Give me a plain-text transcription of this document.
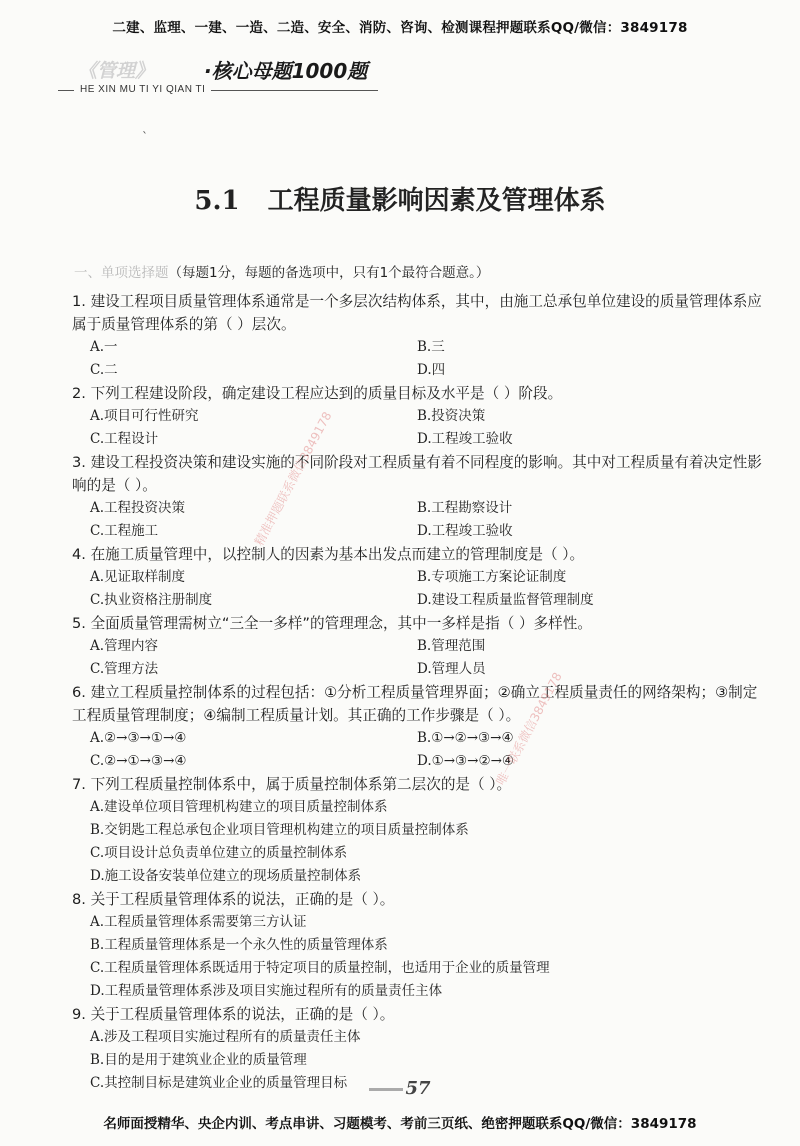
二建、监理、一建、一造、二造、安全、消防、咨询、检测课程押题联系QQ/微信：3849178
《管理》 ·核心母题1000题
HE XIN MU TI YI QIAN TI
`
5.1 工程质量影响因素及管理体系
一、单项选择题（每题1分，每题的备选项中，只有1个最符合题意。）
1. 建设工程项目质量管理体系通常是一个多层次结构体系，其中，由施工总承包单位建设的质量管理体系应属于质量管理体系的第（ ）层次。
A.一	B.三
C.二	D.四
2. 下列工程建设阶段，确定建设工程应达到的质量目标及水平是（ ）阶段。
A.项目可行性研究	B.投资决策
C.工程设计	D.工程竣工验收
3. 建设工程投资决策和建设实施的不同阶段对工程质量有着不同程度的影响。其中对工程质量有着决定性影响的是（ ）。
A.工程投资决策	B.工程勘察设计
C.工程施工	D.工程竣工验收
4. 在施工质量管理中，以控制人的因素为基本出发点而建立的管理制度是（ ）。
A.见证取样制度	B.专项施工方案论证制度
C.执业资格注册制度	D.建设工程质量监督管理制度
5. 全面质量管理需树立“三全一多样”的管理理念，其中一多样是指（ ）多样性。
A.管理内容	B.管理范围
C.管理方法	D.管理人员
6. 建立工程质量控制体系的过程包括：①分析工程质量管理界面；②确立工程质量责任的网络架构；③制定工程质量管理制度；④编制工程质量计划。其正确的工作步骤是（ ）。
A.②→③→①→④	B.①→②→③→④
C.②→①→③→④	D.①→③→②→④
7. 下列工程质量控制体系中，属于质量控制体系第二层次的是（ ）。
A.建设单位项目管理机构建立的项目质量控制体系
B.交钥匙工程总承包企业项目管理机构建立的项目质量控制体系
C.项目设计总负责单位建立的质量控制体系
D.施工设备安装单位建立的现场质量控制体系
8. 关于工程质量管理体系的说法，正确的是（ ）。
A.工程质量管理体系需要第三方认证
B.工程质量管理体系是一个永久性的质量管理体系
C.工程质量管理体系既适用于特定项目的质量控制，也适用于企业的质量管理
D.工程质量管理体系涉及项目实施过程所有的质量责任主体
9. 关于工程质量管理体系的说法，正确的是（ ）。
A.涉及工程项目实施过程所有的质量责任主体
B.目的是用于建筑业企业的质量管理
C.其控制目标是建筑业企业的质量管理目标
精准押题联系微信3849178
唯一联系微信3849178
57
名师面授精华、央企内训、考点串讲、习题模考、考前三页纸、绝密押题联系QQ/微信：3849178
